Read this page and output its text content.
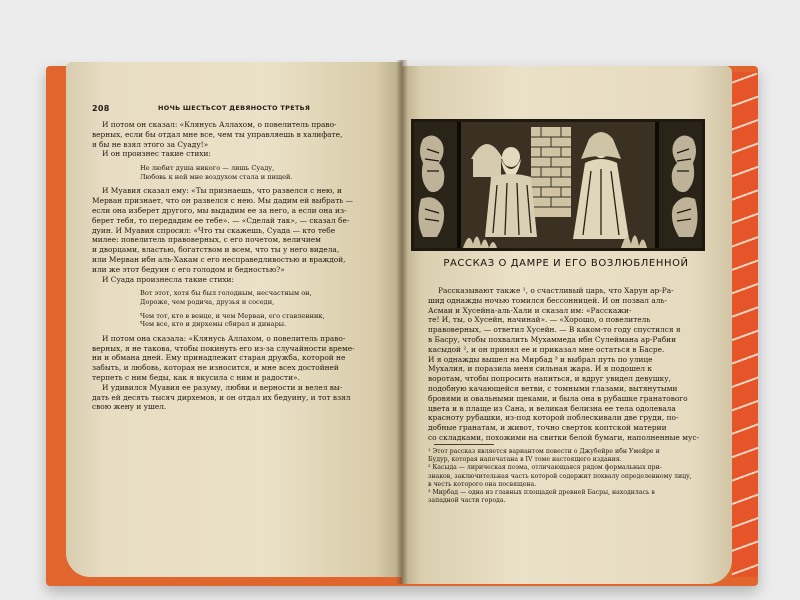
208	НОЧЬ ШЕСТЬСОТ ДЕВЯНОСТО ТРЕТЬЯ

И потом он сказал: «Клянусь Аллахом, о повелитель право-

верных, если бы отдал мне все, чем ты управляешь в халифате,

я бы не взял этого за Суаду!»

И он произнес такие стихи:

Не любит душа никого — лишь Суаду,

Любовь к ней мне воздухом стала и пищей.

И Муавия сказал ему: «Ты признаешь, что развелся с нею, и

Мерван признает, что он развелся с нею. Мы дадим ей выбрать —

если она изберет другого, мы выдадим ее за него, а если она из-

берет тебя, то передадим ее тебе». — «Сделай так», — сказал бе-

дуин. И Муавия спросил: «Что ты скажешь, Суада — кто тебе

милее: повелитель правоверных, с его почетом, величием

и дворцами, властью, богатством и всем, что ты у него видела,

или Мерван ибн аль-Хакам с его несправедливостью и враждой,

или же этот бедуин с его голодом и бедностью?»

И Суада произнесла такие стихи:

Вот этот, хотя бы был голодным, несчастным он,

Дороже, чем родича, друзья и соседи,

Чем тот, кто в венце, и чем Мерван, его ставленник,

Чем все, кто и дирхемы сбирал и динары.

И потом она сказала: «Клянусь Аллахом, о повелитель право-

верных, я не такова, чтобы покинуть его из-за случайности време-

ни и обмана дней. Ему принадлежит старая дружба, которой не

забыть, и любовь, которая не износится, и мне всех достойней

терпеть с ним беды, как я вкусила с ним и радости».

И удивился Муавия ее разуму, любви и верности и велел вы-

дать ей десять тысяч дирхемов, и он отдал их бедуину, и тот взял

свою жену и ушел.

РАССКАЗ О ДАМРЕ И ЕГО ВОЗЛЮБЛЕННОЙ

Рассказывают также ¹, о счастливый царь, что Харун ар-Ра-

шид однажды ночью томился бессонницей. И он позвал аль-

Асмаи и Хусейна-аль-Хали и сказал им: «Расскажи-

те! И, ты, о Хусейн, начинай». — «Хорошо, о повелитель

правоверных, — ответил Хусейн. — В каком-то году спустился я

в Басру, чтобы похвалить Мухаммеда ибн Сулеймана ар-Рабии

касыдой ², и он принял ее и приказал мне остаться в Басре.

И я однажды вышел на Мирбад ³ и выбрал путь по улице

Мухалия, и поразила меня сильная жара. И я подошел к

воротам, чтобы попросить напиться, и вдруг увидел девушку,

подобную качающейся ветви, с томными глазами, вытянутыми

бровями и овальными щеками, и была она в рубашке гранатового

цвета и в плаще из Сана, и великая белизна ее тела одолевала

красноту рубашки, из-под которой поблескивали две груди, по-

добные гранатам, и живот, точно сверток коптской материи

со складками, похожими на свитки белой бумаги, наполненные мус-

¹ Этот рассказ является вариантом повести о Джубейре ибн Умейре и
Будур, которая напечатана в IV томе настоящего издания.
² Касыда — лирическая поэма, отличающаяся рядом формальных при-
знаков, заключительная часть которой содержит похвалу определенному лицу,
в честь которого она посвящена.
³ Мирбад — одна из главных площадей древней Басры, находилась в
западной части города.
